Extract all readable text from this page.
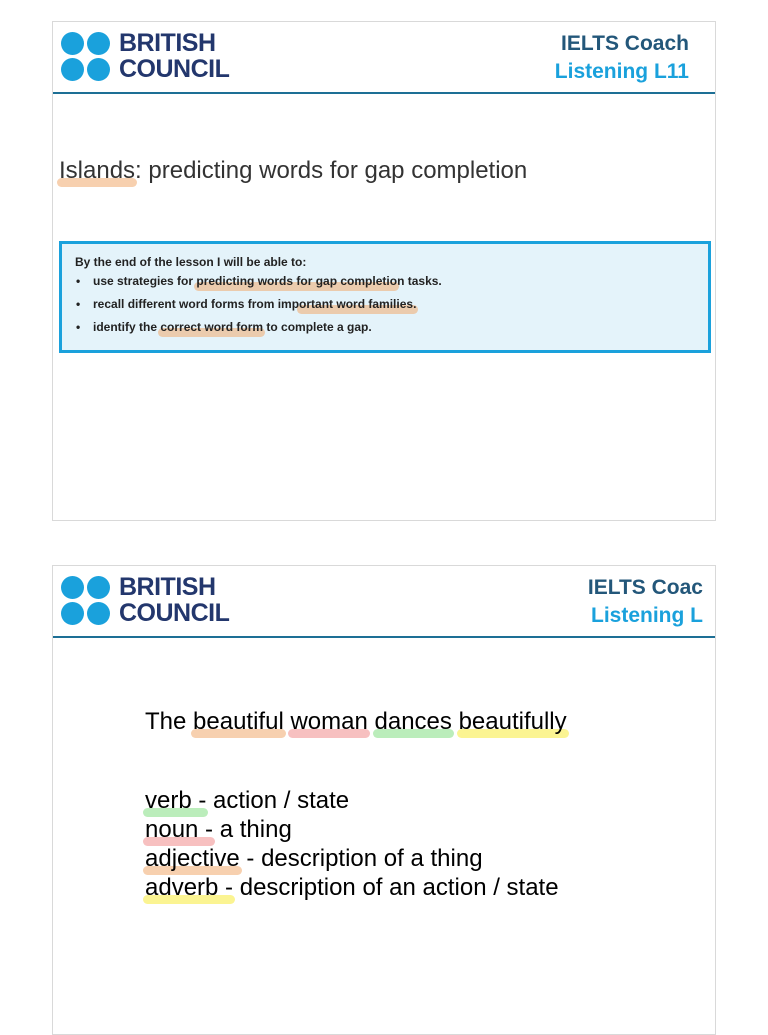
BRITISH
COUNCIL
IELTS Coach
Listening L11
Islands: predicting words for gap completion
By the end of the lesson I will be able to:
• use strategies for predicting words for gap completion tasks.
• recall different word forms from important word families.
• identify the correct word form to complete a gap.
BRITISH
COUNCIL
IELTS Coac
Listening L
The beautiful woman dances beautifully
verb - action / state
noun - a thing
adjective - description of a thing
adverb - description of an action / state
